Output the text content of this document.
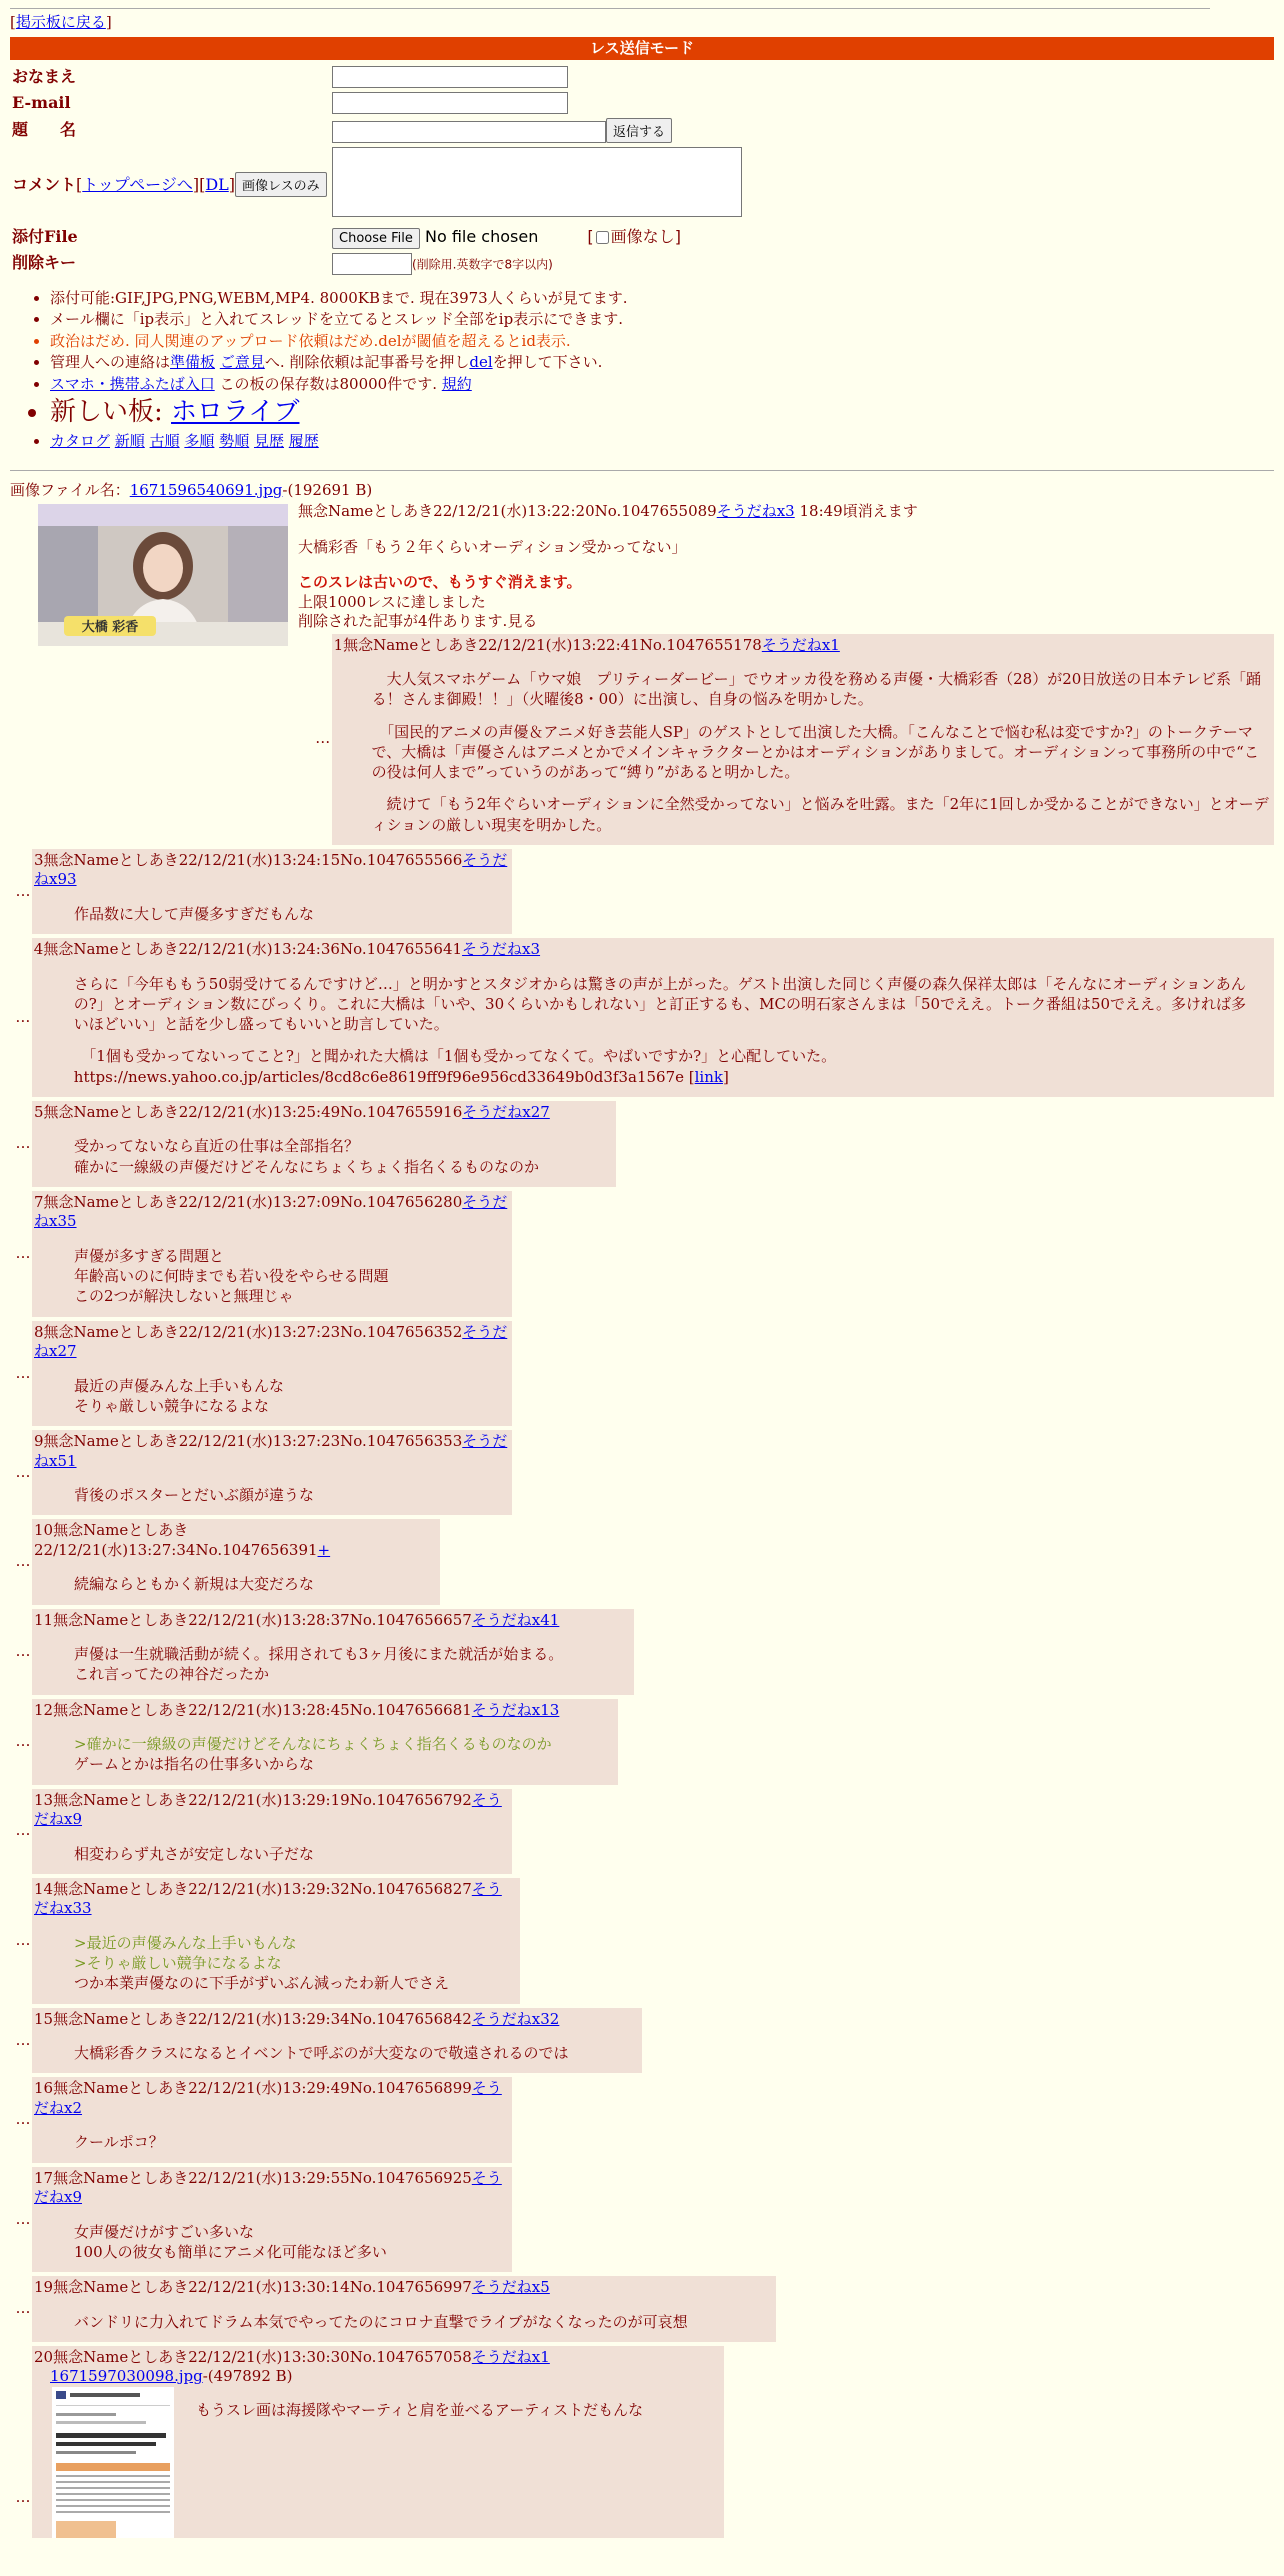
[掲示板に戻る]
レス送信モード
おなまえ	
E-mail	
題　　名	返信する
コメント[トップページへ][DL] 画像レスのみ	
添付File	Choose File No file chosen [ 画像なし]
削除キー	(削除用.英数字で8字以内)
• 添付可能:GIF,JPG,PNG,WEBM,MP4. 8000KBまで. 現在3973人くらいが見てます.
• メール欄に「ip表示」と入れてスレッドを立てるとスレッド全部をip表示にできます.
• 政治はだめ. 同人関連のアップロード依頼はだめ.delが閾値を超えるとid表示.
• 管理人への連絡は準備板 ご意見へ. 削除依頼は記事番号を押しdelを押して下さい.
• スマホ・携帯ふたば入口 この板の保存数は80000件です. 規約
• 新しい板: ホロライブ
• カタログ 新順 古順 多順 勢順 見歴 履歴
画像ファイル名：1671596540691.jpg-(192691 B)
大橋 彩香
無念Nameとしあき22/12/21(水)13:22:20No.1047655089そうだねx3 18:49頃消えます

大橋彩香「もう２年くらいオーディション受かってない」

このスレは古いので、もうすぐ消えます。

上限1000レスに達しました

削除された記事が4件あります.見る

…
1無念Nameとしあき22/12/21(水)13:22:41No.1047655178そうだねx1

　大人気スマホゲーム「ウマ娘　プリティーダービー」でウオッカ役を務める声優・大橋彩香（28）が20日放送の日本テレビ系「踊る！さんま御殿！！」（火曜後8・00）に出演し、自身の悩みを明かした。

　「国民的アニメの声優＆アニメ好き芸能人SP」のゲストとして出演した大橋。「こんなことで悩む私は変ですか?」のトークテーマで、大橋は「声優さんはアニメとかでメインキャラクターとかはオーディションがありまして。オーディションって事務所の中で“この役は何人まで”っていうのがあって“縛り”があると明かした。

　続けて「もう2年ぐらいオーディションに全然受かってない」と悩みを吐露。また「2年に1回しか受かることができない」とオーディションの厳しい現実を明かした。

…
3無念Nameとしあき22/12/21(水)13:24:15No.1047655566そうだねx93

作品数に大して声優多すぎだもんな

…
4無念Nameとしあき22/12/21(水)13:24:36No.1047655641そうだねx3

さらに「今年ももう50弱受けてるんですけど…」と明かすとスタジオからは驚きの声が上がった。ゲスト出演した同じく声優の森久保祥太郎は「そんなにオーディションあんの?」とオーディション数にびっくり。これに大橋は「いや、30くらいかもしれない」と訂正するも、MCの明石家さんまは「50でええ。トーク番組は50でええ。多ければ多いほどいい」と話を少し盛ってもいいと助言していた。

　「1個も受かってないってこと?」と聞かれた大橋は「1個も受かってなくて。やばいですか?」と心配していた。

https://news.yahoo.co.jp/articles/8cd8c6e8619ff9f96e956cd33649b0d3f3a1567e [link]

…
5無念Nameとしあき22/12/21(水)13:25:49No.1047655916そうだねx27
受かってないなら直近の仕事は全部指名？
確かに一線級の声優だけどそんなにちょくちょく指名くるものなのか
…
7無念Nameとしあき22/12/21(水)13:27:09No.1047656280そうだねx35
声優が多すぎる問題と
年齢高いのに何時までも若い役をやらせる問題
この2つが解決しないと無理じゃ
…
8無念Nameとしあき22/12/21(水)13:27:23No.1047656352そうだねx27
最近の声優みんな上手いもんな
そりゃ厳しい競争になるよな
…
9無念Nameとしあき22/12/21(水)13:27:23No.1047656353そうだねx51
背後のポスターとだいぶ顔が違うな
…
10無念Nameとしあき22/12/21(水)13:27:34No.1047656391+
続編ならともかく新規は大変だろな
…
11無念Nameとしあき22/12/21(水)13:28:37No.1047656657そうだねx41
声優は一生就職活動が続く。採用されても3ヶ月後にまた就活が始まる。
これ言ってたの神谷だったか
…
12無念Nameとしあき22/12/21(水)13:28:45No.1047656681そうだねx13
>確かに一線級の声優だけどそんなにちょくちょく指名くるものなのか
ゲームとかは指名の仕事多いからな
…
13無念Nameとしあき22/12/21(水)13:29:19No.1047656792そうだねx9
相変わらず丸さが安定しない子だな
…
14無念Nameとしあき22/12/21(水)13:29:32No.1047656827そうだねx33
>最近の声優みんな上手いもんな
>そりゃ厳しい競争になるよな
つか本業声優なのに下手がずいぶん減ったわ新人でさえ
…
15無念Nameとしあき22/12/21(水)13:29:34No.1047656842そうだねx32
大橋彩香クラスになるとイベントで呼ぶのが大変なので敬遠されるのでは
…
16無念Nameとしあき22/12/21(水)13:29:49No.1047656899そうだねx2
クールポコ？
…
17無念Nameとしあき22/12/21(水)13:29:55No.1047656925そうだねx9
女声優だけがすごい多いな
100人の彼女も簡単にアニメ化可能なほど多い
…
19無念Nameとしあき22/12/21(水)13:30:14No.1047656997そうだねx5
バンドリに力入れてドラム本気でやってたのにコロナ直撃でライブがなくなったのが可哀想
…
20無念Nameとしあき22/12/21(水)13:30:30No.1047657058そうだねx1
1671597030098.jpg-(497892 B)
もうスレ画は海援隊やマーティと肩を並べるアーティストだもんな
